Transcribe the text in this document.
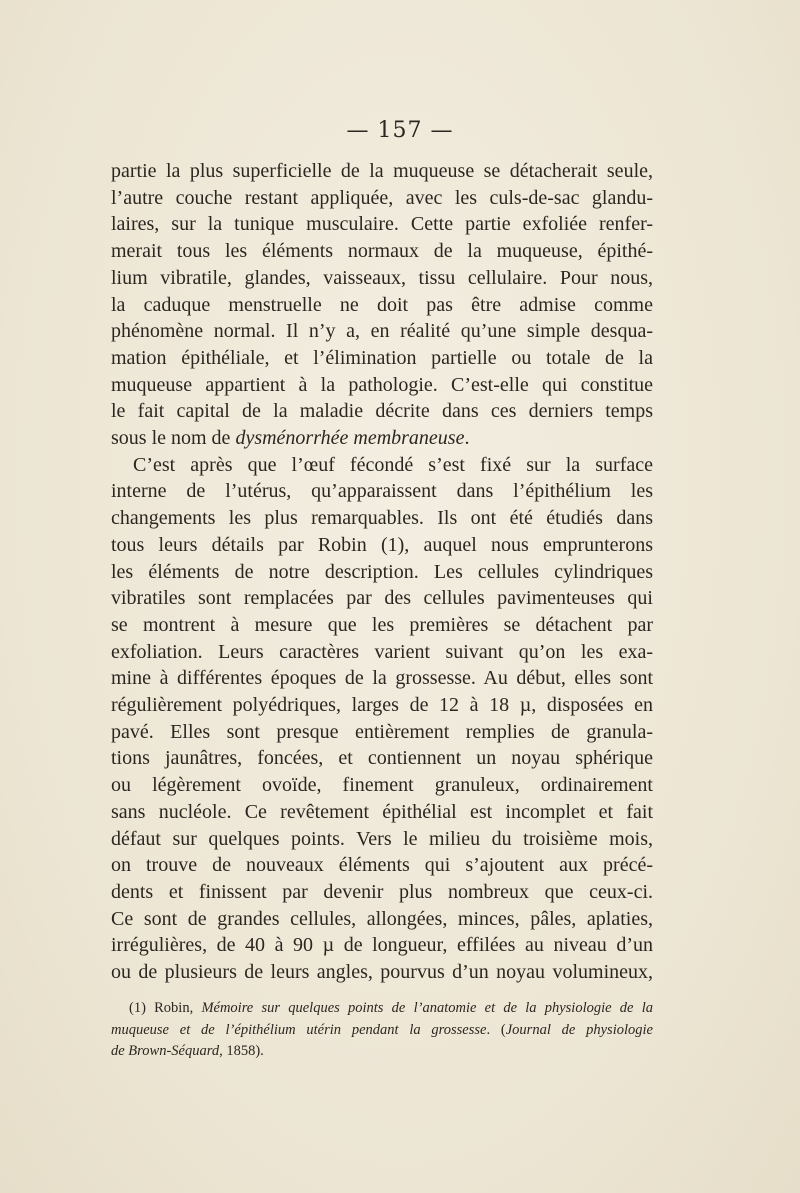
— 157 —
partie la plus superficielle de la muqueuse se détacherait seule,
l’autre couche restant appliquée, avec les culs-de-sac glandu-
laires, sur la tunique musculaire. Cette partie exfoliée renfer-
merait tous les éléments normaux de la muqueuse, épithé-
lium vibratile, glandes, vaisseaux, tissu cellulaire. Pour nous,
la caduque menstruelle ne doit pas être admise comme
phénomène normal. Il n’y a, en réalité qu’une simple desqua-
mation épithéliale, et l’élimination partielle ou totale de la
muqueuse appartient à la pathologie. C’est-elle qui constitue
le fait capital de la maladie décrite dans ces derniers temps
sous le nom de dysménorrhée membraneuse.
C’est après que l’œuf fécondé s’est fixé sur la surface
interne de l’utérus, qu’apparaissent dans l’épithélium les
changements les plus remarquables. Ils ont été étudiés dans
tous leurs détails par Robin (1), auquel nous emprunterons
les éléments de notre description. Les cellules cylindriques
vibratiles sont remplacées par des cellules pavimenteuses qui
se montrent à mesure que les premières se détachent par
exfoliation. Leurs caractères varient suivant qu’on les exa-
mine à différentes époques de la grossesse. Au début, elles sont
régulièrement polyédriques, larges de 12 à 18 µ, disposées en
pavé. Elles sont presque entièrement remplies de granula-
tions jaunâtres, foncées, et contiennent un noyau sphérique
ou légèrement ovoïde, finement granuleux, ordinairement
sans nucléole. Ce revêtement épithélial est incomplet et fait
défaut sur quelques points. Vers le milieu du troisième mois,
on trouve de nouveaux éléments qui s’ajoutent aux précé-
dents et finissent par devenir plus nombreux que ceux-ci.
Ce sont de grandes cellules, allongées, minces, pâles, aplaties,
irrégulières, de 40 à 90 µ de longueur, effilées au niveau d’un
ou de plusieurs de leurs angles, pourvus d’un noyau volumineux,
(1) Robin, Mémoire sur quelques points de l’anatomie et de la physiologie de la
muqueuse et de l’épithélium utérin pendant la grossesse. (Journal de physiologie
de Brown-Séquard, 1858).
